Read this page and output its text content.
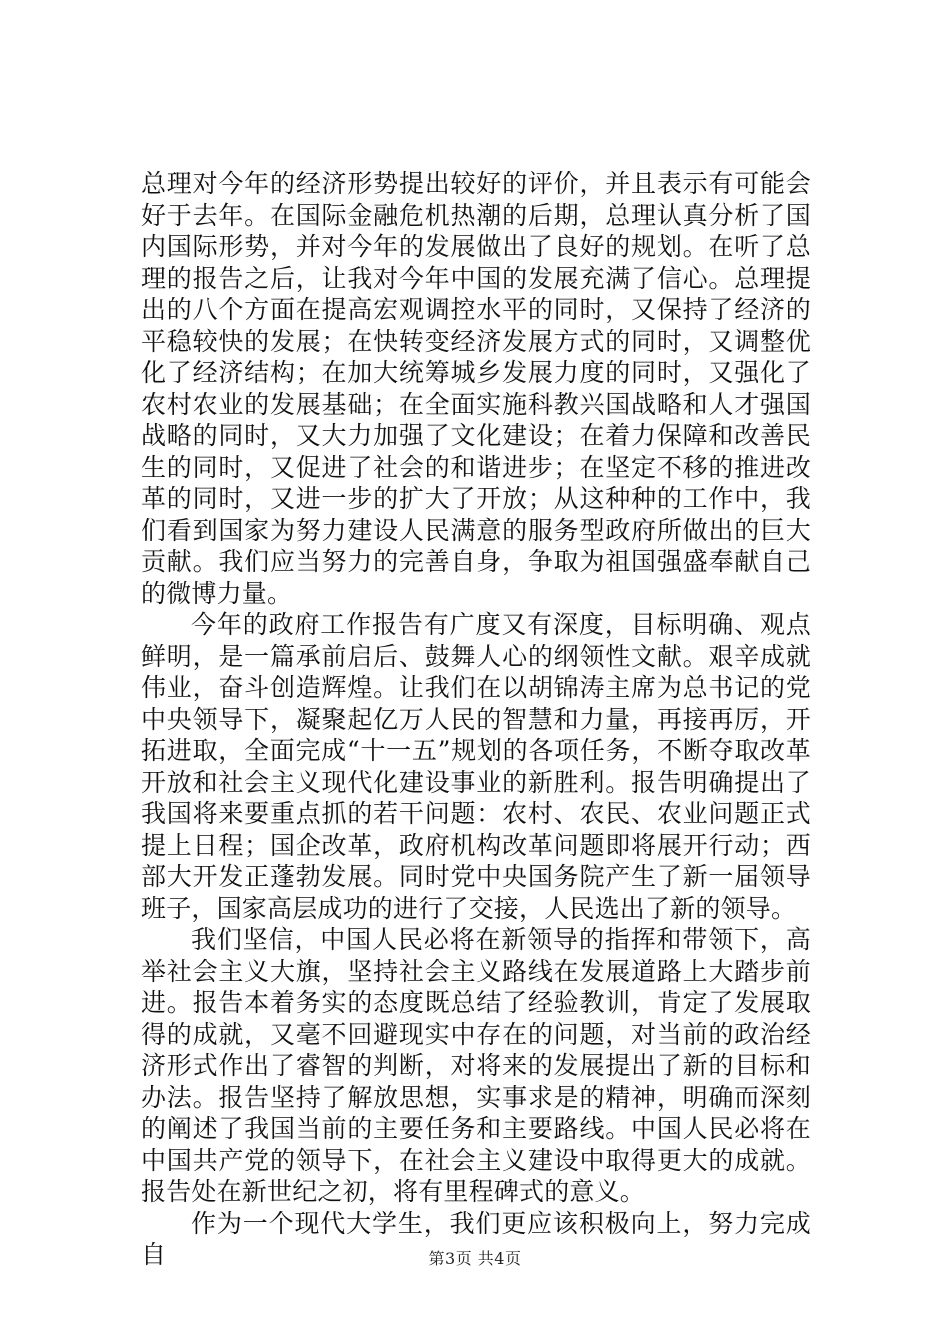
总理对今年的经济形势提出较好的评价，并且表示有可能会好于去年。在国际金融危机热潮的后期，总理认真分析了国内国际形势，并对今年的发展做出了良好的规划。在听了总理的报告之后，让我对今年中国的发展充满了信心。总理提出的八个方面在提高宏观调控水平的同时，又保持了经济的平稳较快的发展；在快转变经济发展方式的同时，又调整优化了经济结构；在加大统筹城乡发展力度的同时，又强化了农村农业的发展基础；在全面实施科教兴国战略和人才强国战略的同时，又大力加强了文化建设；在着力保障和改善民生的同时，又促进了社会的和谐进步；在坚定不移的推进改革的同时，又进一步的扩大了开放；从这种种的工作中，我们看到国家为努力建设人民满意的服务型政府所做出的巨大贡献。我们应当努力的完善自身，争取为祖国强盛奉献自己的微博力量。

今年的政府工作报告有广度又有深度，目标明确、观点鲜明，是一篇承前启后、鼓舞人心的纲领性文献。艰辛成就伟业，奋斗创造辉煌。让我们在以胡锦涛主席为总书记的党中央领导下，凝聚起亿万人民的智慧和力量，再接再厉，开拓进取，全面完成“十一五”规划的各项任务，不断夺取改革开放和社会主义现代化建设事业的新胜利。报告明确提出了我国将来要重点抓的若干问题：农村、农民、农业问题正式提上日程；国企改革，政府机构改革问题即将展开行动；西部大开发正蓬勃发展。同时党中央国务院产生了新一届领导班子，国家高层成功的进行了交接，人民选出了新的领导。

我们坚信，中国人民必将在新领导的指挥和带领下，高举社会主义大旗，坚持社会主义路线在发展道路上大踏步前进。报告本着务实的态度既总结了经验教训，肯定了发展取得的成就，又毫不回避现实中存在的问题，对当前的政治经济形式作出了睿智的判断，对将来的发展提出了新的目标和办法。报告坚持了解放思想，实事求是的精神，明确而深刻的阐述了我国当前的主要任务和主要路线。中国人民必将在中国共产党的领导下，在社会主义建设中取得更大的成就。报告处在新世纪之初，将有里程碑式的意义。

作为一个现代大学生，我们更应该积极向上，努力完成自	第3页 共4页
